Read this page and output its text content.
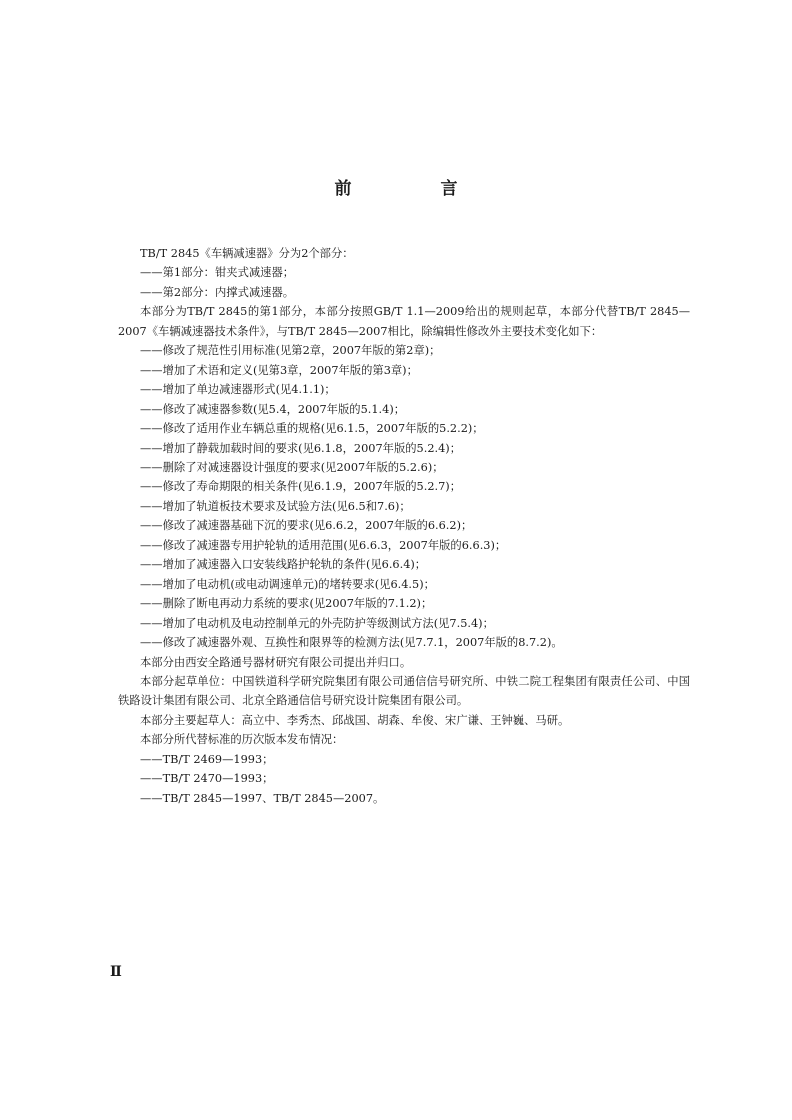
前　言

TB/T 2845《车辆减速器》分为2个部分：

——第1部分：钳夹式减速器；

——第2部分：内撑式减速器。

本部分为TB/T 2845的第1部分，本部分按照GB/T 1.1—2009给出的规则起草，本部分代替TB/T 2845—2007《车辆减速器技术条件》，与TB/T 2845—2007相比，除编辑性修改外主要技术变化如下：

——修改了规范性引用标准(见第2章，2007年版的第2章)；

——增加了术语和定义(见第3章，2007年版的第3章)；

——增加了单边减速器形式(见4.1.1)；

——修改了减速器参数(见5.4，2007年版的5.1.4)；

——修改了适用作业车辆总重的规格(见6.1.5，2007年版的5.2.2)；

——增加了静载加载时间的要求(见6.1.8，2007年版的5.2.4)；

——删除了对减速器设计强度的要求(见2007年版的5.2.6)；

——修改了寿命期限的相关条件(见6.1.9，2007年版的5.2.7)；

——增加了轨道板技术要求及试验方法(见6.5和7.6)；

——修改了减速器基础下沉的要求(见6.6.2，2007年版的6.6.2)；

——修改了减速器专用护轮轨的适用范围(见6.6.3，2007年版的6.6.3)；

——增加了减速器入口安装线路护轮轨的条件(见6.6.4)；

——增加了电动机(或电动调速单元)的堵转要求(见6.4.5)；

——删除了断电再动力系统的要求(见2007年版的7.1.2)；

——增加了电动机及电动控制单元的外壳防护等级测试方法(见7.5.4)；

——修改了减速器外观、互换性和限界等的检测方法(见7.7.1，2007年版的8.7.2)。

本部分由西安全路通号器材研究有限公司提出并归口。

本部分起草单位：中国铁道科学研究院集团有限公司通信信号研究所、中铁二院工程集团有限责任公司、中国铁路设计集团有限公司、北京全路通信信号研究设计院集团有限公司。

本部分主要起草人：高立中、李秀杰、邱战国、胡森、牟俊、宋广谦、王钟巍、马研。

本部分所代替标准的历次版本发布情况：

——TB/T 2469—1993；

——TB/T 2470—1993；

——TB/T 2845—1997、TB/T 2845—2007。

Ⅱ
